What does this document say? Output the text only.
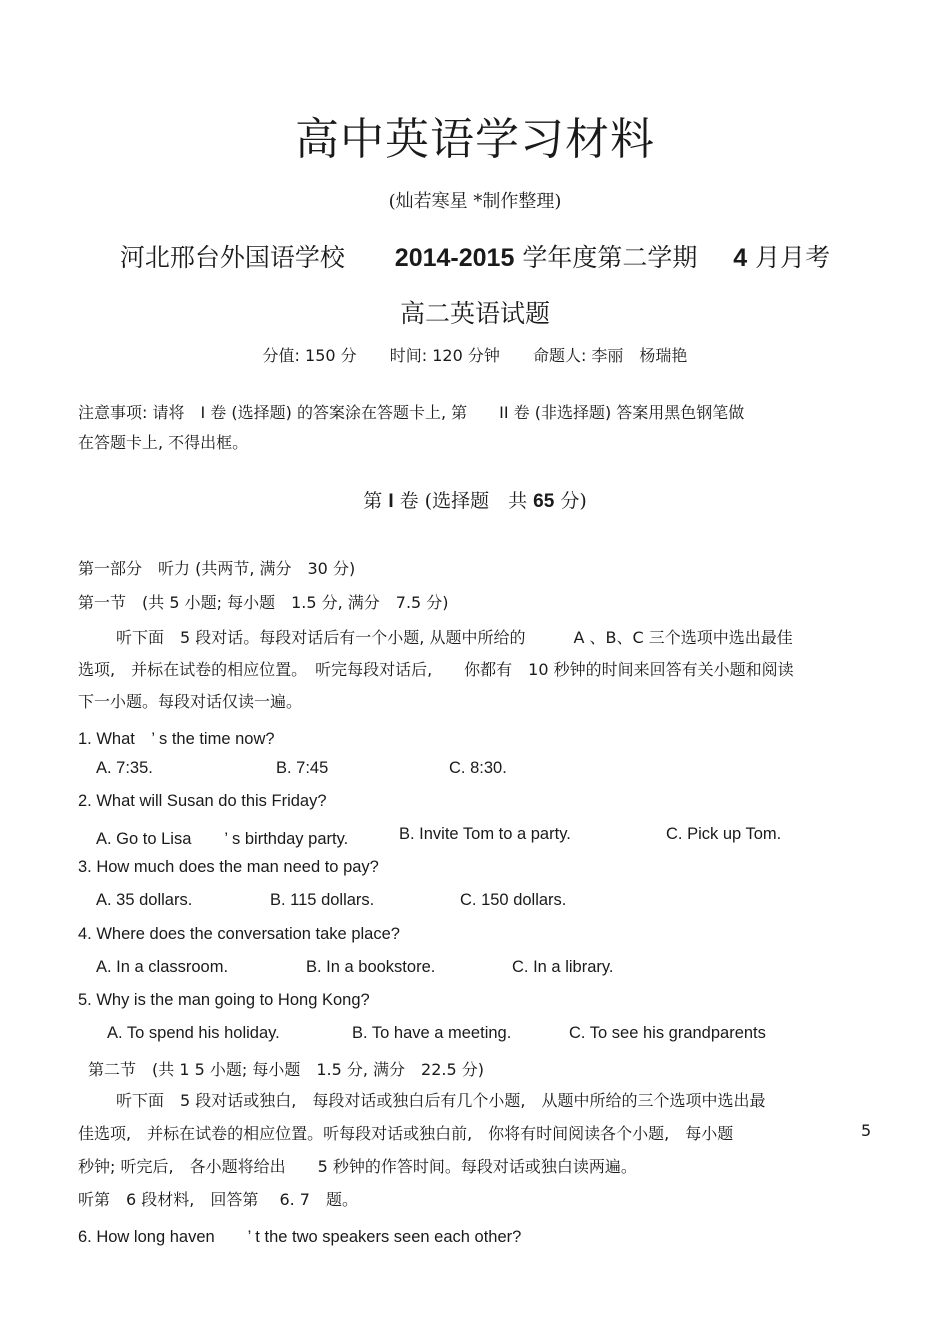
高中英语学习材料
(灿若寒星 *制作整理)
河北邢台外国语学校 2014-2015 学年度第二学期 4 月月考
高二英语试题
分值: 150 分 时间: 120 分钟 命题人: 李丽　杨瑞艳
注意事项: 请将　I 卷 (选择题) 的答案涂在答题卡上, 第　　II 卷 (非选择题) 答案用黑色钢笔做
在答题卡上, 不得出框。
第 I 卷 (选择题　共 65 分)
第一部分　听力 (共两节, 满分　30 分)
第一节　(共 5 小题; 每小题　1.5 分, 满分　7.5 分)
听下面　5 段对话。每段对话后有一个小题, 从题中所给的　　　A 、B、C 三个选项中选出最佳
选项,　并标在试卷的相应位置。　听完每段对话后,　　你都有　10 秒钟的时间来回答有关小题和阅读
下一小题。每段对话仅读一遍。
1. What　’ s the time now?
A. 7:35.	B. 7:45	C. 8:30.
2. What will Susan do this Friday?
A. Go to Lisa　　’ s birthday party.	B. Invite Tom to a party.	C. Pick up Tom.
3. How much does the man need to pay?
A. 35 dollars.	B. 115 dollars.	C. 150 dollars.
4. Where does the conversation take place?
A. In a classroom.	B. In a bookstore.	C. In a library.
5. Why is the man going to Hong Kong?
A. To spend his holiday.	B. To have a meeting.	C. To see his grandparents
第二节　(共 1 5 小题; 每小题　1.5 分, 满分　22.5 分)
听下面　5 段对话或独白,　每段对话或独白后有几个小题,　从题中所给的三个选项中选出最
佳选项,　并标在试卷的相应位置。听每段对话或独白前,　你将有时间阅读各个小题,　每小题	5
秒钟; 听完后,　各小题将给出　　5 秒钟的作答时间。每段对话或独白读两遍。
听第　6 段材料,　回答第　 6. 7　题。
6. How long haven　　’ t the two speakers seen each other?
